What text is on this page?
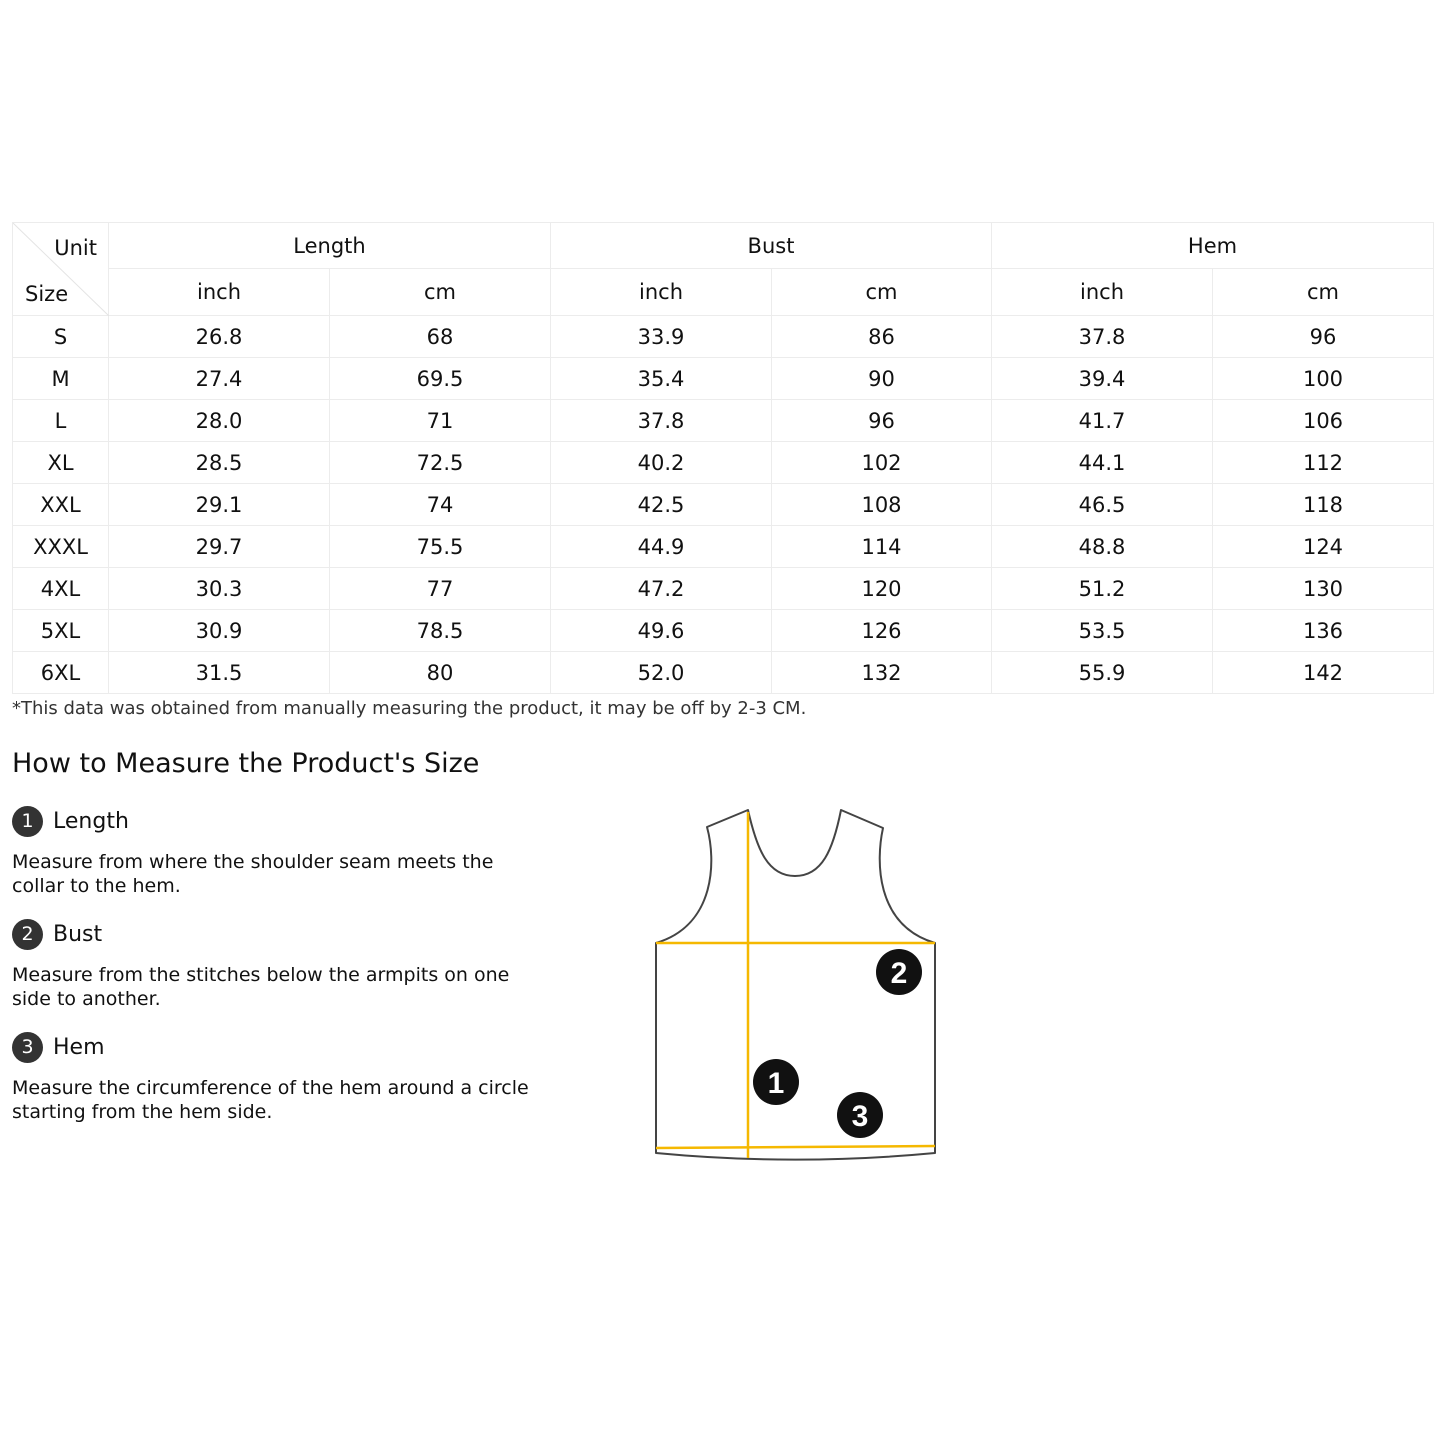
Unit
Size	Length		Bust		Hem	
	inch	cm	inch	cm	inch	cm
S	26.8	68	33.9	86	37.8	96
M	27.4	69.5	35.4	90	39.4	100
L	28.0	71	37.8	96	41.7	106
XL	28.5	72.5	40.2	102	44.1	112
XXL	29.1	74	42.5	108	46.5	118
XXXL	29.7	75.5	44.9	114	48.8	124
4XL	30.3	77	47.2	120	51.2	130
5XL	30.9	78.5	49.6	126	53.5	136
6XL	31.5	80	52.0	132	55.9	142
*This data was obtained from manually measuring the product, it may be off by 2-3 CM.
How to Measure the Product's Size
1 Length
Measure from where the shoulder seam meets the collar to the hem.
2 Bust
Measure from the stitches below the armpits on one side to another.
3 Hem
Measure the circumference of the hem around a circle starting from the hem side.
2
1
3
